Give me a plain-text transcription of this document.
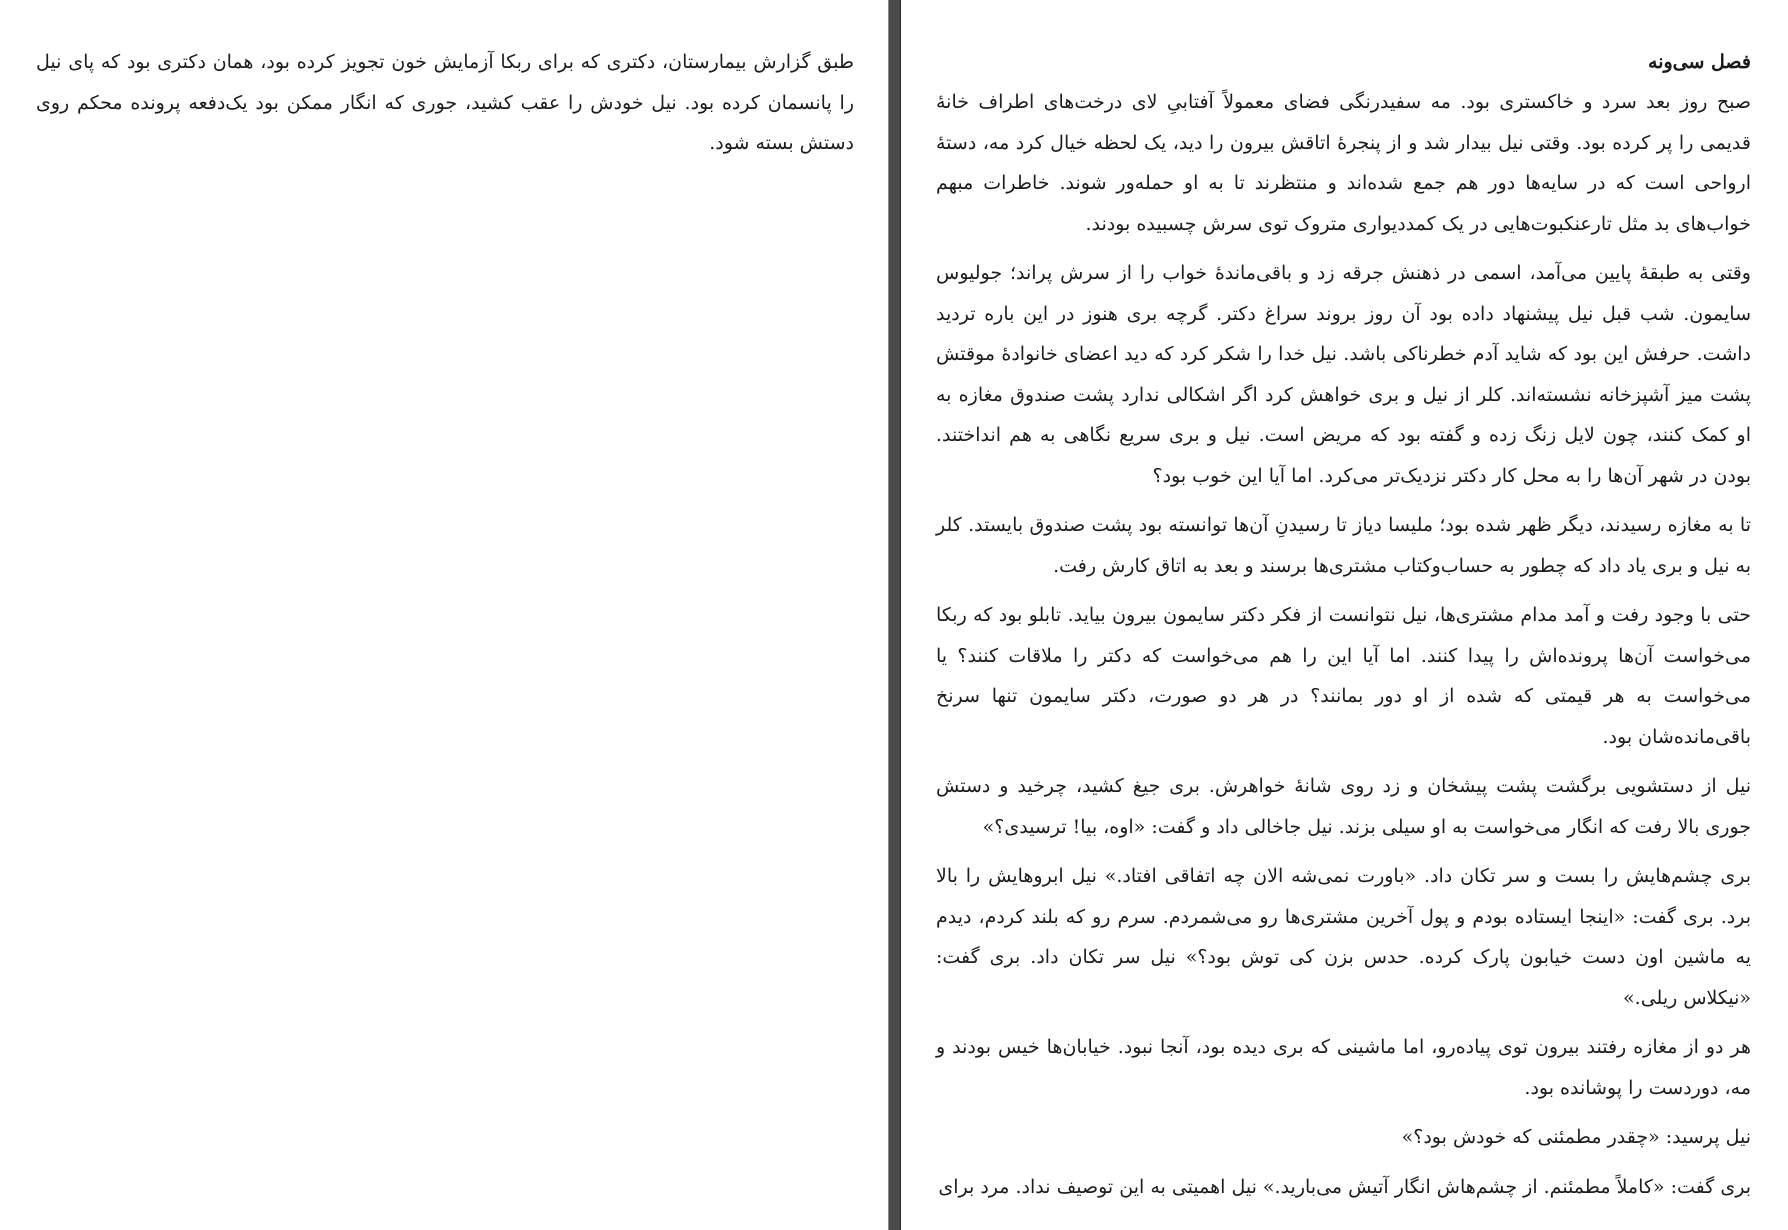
طبق گزارش بیمارستان، دکتری که برای ربکا آزمایش خون تجویز کرده بود، همان دکتری بود که پای نیل را پانسمان کرده بود. نیل خودش را عقب کشید، جوری که انگار ممکن بود یک‌دفعه پرونده محکم روی دستش بسته شود.

فصل سی‌ونه

صبح روز بعد سرد و خاکستری بود. مه سفیدرنگی فضای معمولاً آفتابیِ لای درخت‌های اطراف خانهٔ قدیمی را پر کرده بود. وقتی نیل بیدار شد و از پنجرهٔ اتاقش بیرون را دید، یک لحظه خیال کرد مه، دستهٔ ارواحی است که در سایه‌ها دور هم جمع شده‌اند و منتظرند تا به او حمله‌ور شوند. خاطرات مبهم خواب‌های بد مثل تارعنکبوت‌هایی در یک کمددیواری متروک توی سرش چسبیده بودند.

وقتی به طبقهٔ پایین می‌آمد، اسمی در ذهنش جرقه زد و باقی‌ماندهٔ خواب را از سرش پراند؛ جولیوس سایمون. شب قبل نیل پیشنهاد داده بود آن روز بروند سراغ دکتر. گرچه بری هنوز در این باره تردید داشت. حرفش این بود که شاید آدم خطرناکی باشد. نیل خدا را شکر کرد که دید اعضای خانوادهٔ موقتش پشت میز آشپزخانه نشسته‌اند. کلر از نیل و بری خواهش کرد اگر اشکالی ندارد پشت صندوق مغازه به او کمک کنند، چون لایل زنگ زده و گفته بود که مریض است. نیل و بری سریع نگاهی به هم انداختند. بودن در شهر آن‌ها را به محل کار دکتر نزدیک‌تر می‌کرد. اما آیا این خوب بود؟

تا به مغازه رسیدند، دیگر ظهر شده بود؛ ملیسا دیاز تا رسیدنِ آن‌ها توانسته بود پشت صندوق بایستد. کلر به نیل و بری یاد داد که چطور به حساب‌وکتاب مشتری‌ها برسند و بعد به اتاق کارش رفت.

حتی با وجود رفت و آمد مدام مشتری‌ها، نیل نتوانست از فکر دکتر سایمون بیرون بیاید. تابلو بود که ربکا می‌خواست آن‌ها پرونده‌اش را پیدا کنند. اما آیا این را هم می‌خواست که دکتر را ملاقات کنند؟ یا می‌خواست به هر قیمتی که شده از او دور بمانند؟ در هر دو صورت، دکتر سایمون تنها سرنخ باقی‌مانده‌شان بود.

نیل از دستشویی برگشت پشت پیشخان و زد روی شانهٔ خواهرش. بری جیغ کشید، چرخید و دستش جوری بالا رفت که انگار می‌خواست به او سیلی بزند. نیل جاخالی داد و گفت: «اوه، بیا! ترسیدی؟»

بری چشم‌هایش را بست و سر تکان داد. «باورت نمی‌شه الان چه اتفاقی افتاد.» نیل ابروهایش را بالا برد. بری گفت: «اینجا ایستاده بودم و پول آخرین مشتری‌ها رو می‌شمردم. سرم رو که بلند کردم، دیدم یه ماشین اون دست خیابون پارک کرده. حدس بزن کی توش بود؟» نیل سر تکان داد. بری گفت: «نیکلاس ریلی.»

هر دو از مغازه رفتند بیرون توی پیاده‌رو، اما ماشینی که بری دیده بود، آنجا نبود. خیابان‌ها خیس بودند و مه، دوردست را پوشانده بود.

نیل پرسید: «چقدر مطمئنی که خودش بود؟»

بری گفت: «کاملاً مطمئنم. از چشم‌هاش انگار آتیش می‌بارید.» نیل اهمیتی به این توصیف نداد. مرد برای
